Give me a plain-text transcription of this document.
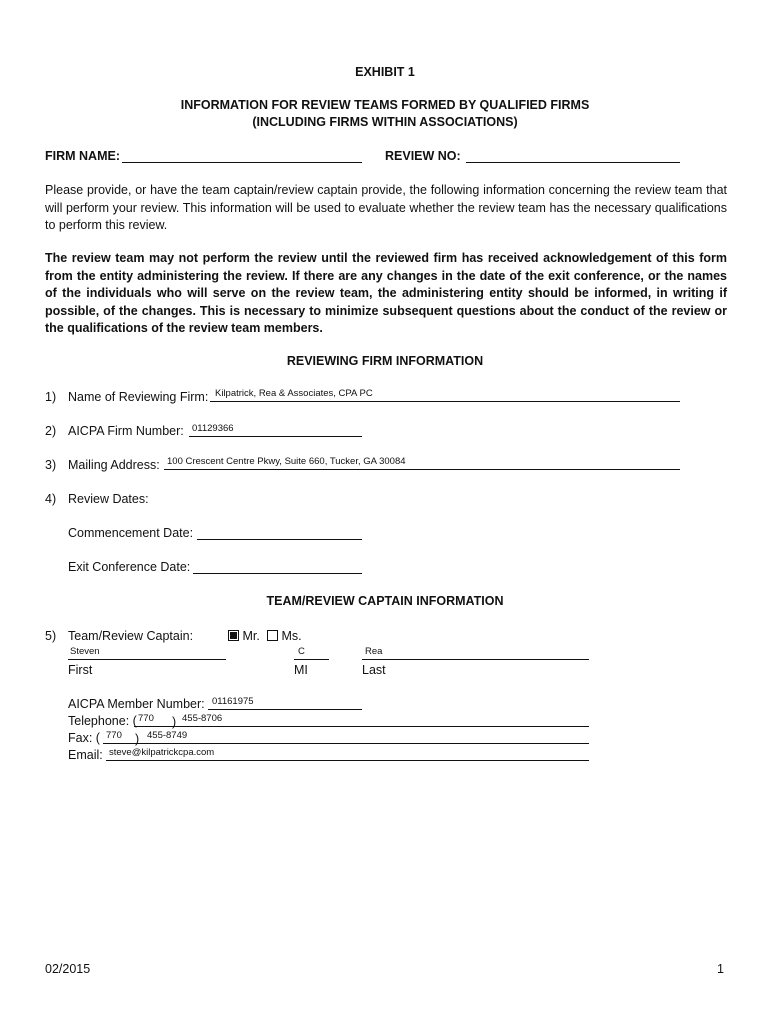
EXHIBIT 1
INFORMATION FOR REVIEW TEAMS FORMED BY QUALIFIED FIRMS
(INCLUDING FIRMS WITHIN ASSOCIATIONS)
FIRM NAME:	REVIEW NO:
Please provide, or have the team captain/review captain provide, the following information concerning the review team that will perform your review. This information will be used to evaluate whether the review team has the necessary qualifications to perform this review.
The review team may not perform the review until the reviewed firm has received acknowledgement of this form from the entity administering the review. If there are any changes in the date of the exit conference, or the names of the individuals who will serve on the review team, the administering entity should be informed, in writing if possible, of the changes. This is necessary to minimize subsequent questions about the conduct of the review or the qualifications of the review team members.
REVIEWING FIRM INFORMATION
1) Name of Reviewing Firm: Kilpatrick, Rea & Associates, CPA PC
2) AICPA Firm Number: 01129366
3) Mailing Address: 100 Crescent Centre Pkwy, Suite 660, Tucker, GA 30084
4) Review Dates:
Commencement Date:
Exit Conference Date:
TEAM/REVIEW CAPTAIN INFORMATION
5) Team/Review Captain:	Mr.	Ms.
Steven	C	Rea
First	MI	Last
AICPA Member Number: 01161975
Telephone: ( 770 ) 455-8706
Fax: ( 770 ) 455-8749
Email: steve@kilpatrickcpa.com
02/2015	1
